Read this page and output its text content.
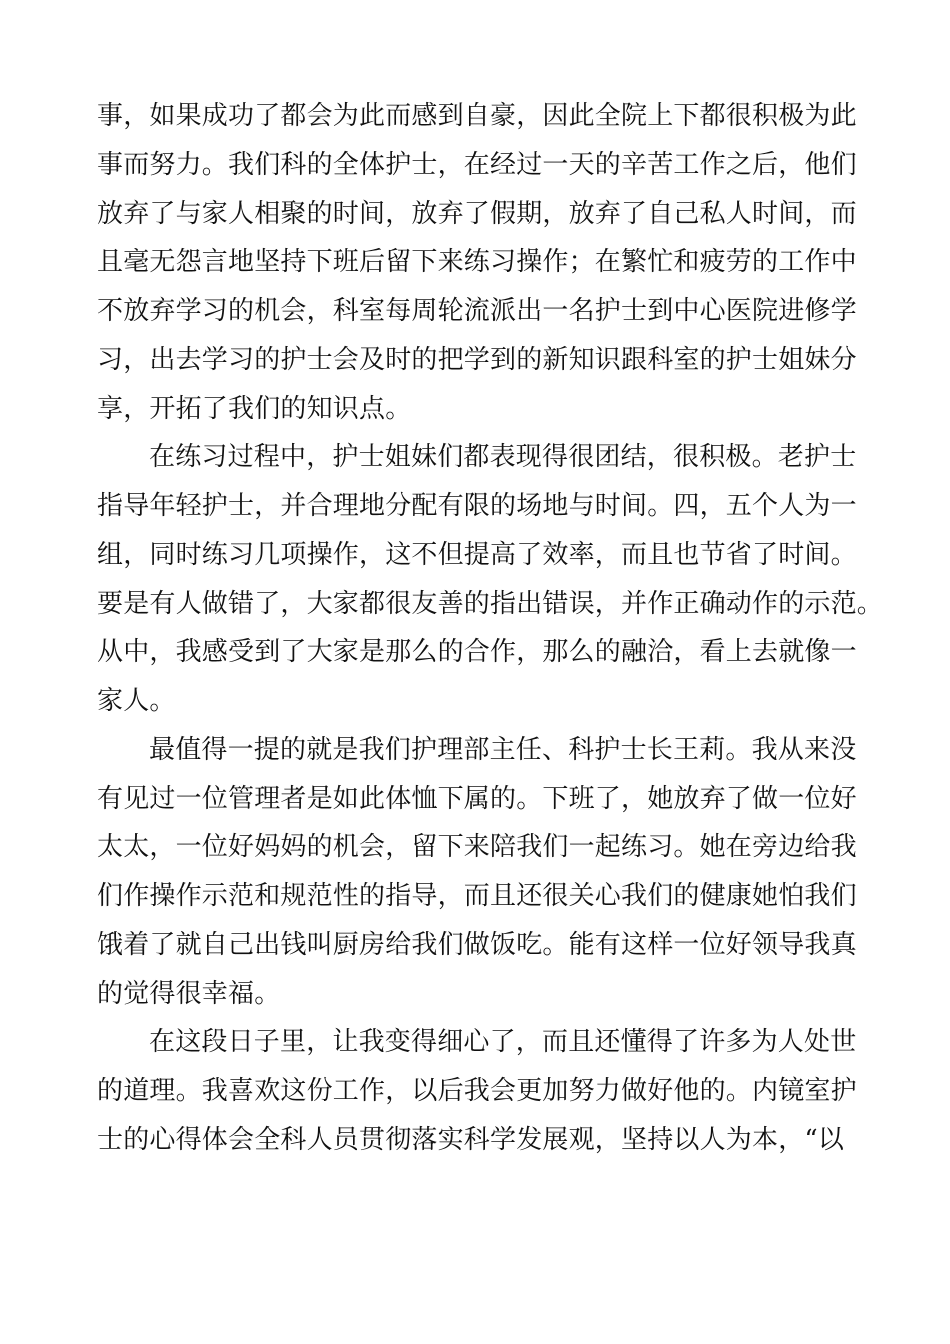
事，如果成功了都会为此而感到自豪，因此全院上下都很积极为此
事而努力。我们科的全体护士，在经过一天的辛苦工作之后，他们
放弃了与家人相聚的时间，放弃了假期，放弃了自己私人时间，而
且毫无怨言地坚持下班后留下来练习操作；在繁忙和疲劳的工作中
不放弃学习的机会，科室每周轮流派出一名护士到中心医院进修学
习，出去学习的护士会及时的把学到的新知识跟科室的护士姐妹分
享，开拓了我们的知识点。
在练习过程中，护士姐妹们都表现得很团结，很积极。老护士
指导年轻护士，并合理地分配有限的场地与时间。四，五个人为一
组，同时练习几项操作，这不但提高了效率，而且也节省了时间。
要是有人做错了，大家都很友善的指出错误，并作正确动作的示范。
从中，我感受到了大家是那么的合作，那么的融洽，看上去就像一
家人。
最值得一提的就是我们护理部主任、科护士长王莉。我从来没
有见过一位管理者是如此体恤下属的。下班了，她放弃了做一位好
太太，一位好妈妈的机会，留下来陪我们一起练习。她在旁边给我
们作操作示范和规范性的指导，而且还很关心我们的健康她怕我们
饿着了就自己出钱叫厨房给我们做饭吃。能有这样一位好领导我真
的觉得很幸福。
在这段日子里，让我变得细心了，而且还懂得了许多为人处世
的道理。我喜欢这份工作，以后我会更加努力做好他的。内镜室护
士的心得体会全科人员贯彻落实科学发展观，坚持以人为本，“以
